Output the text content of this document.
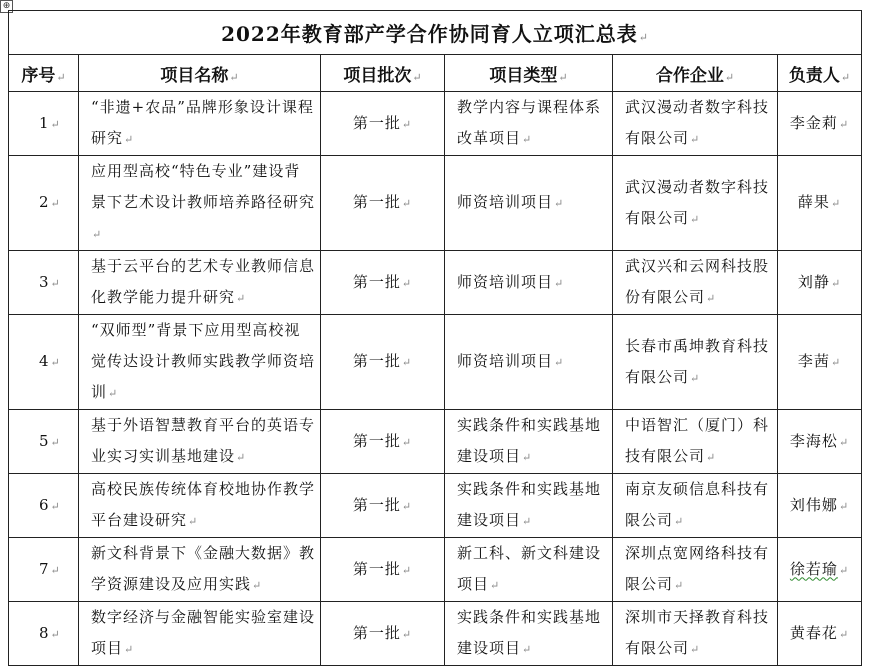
⊕
2022年教育部产学合作协同育人立项汇总表↵					
序号↵	项目名称↵	项目批次↵	项目类型↵	合作企业↵	负责人↵
1↵	“非遗+农品”品牌形象设计课程研究↵	第一批↵	教学内容与课程体系改革项目↵	武汉漫动者数字科技有限公司↵	李金莉↵
2↵	应用型高校“特色专业”建设背景下艺术设计教师培养路径研究↵	第一批↵	师资培训项目↵	武汉漫动者数字科技有限公司↵	薛果↵
3↵	基于云平台的艺术专业教师信息化教学能力提升研究↵	第一批↵	师资培训项目↵	武汉兴和云网科技股份有限公司↵	刘静↵
4↵	“双师型”背景下应用型高校视觉传达设计教师实践教学师资培训↵	第一批↵	师资培训项目↵	长春市禹坤教育科技有限公司↵	李茜↵
5↵	基于外语智慧教育平台的英语专业实习实训基地建设↵	第一批↵	实践条件和实践基地建设项目↵	中语智汇（厦门）科技有限公司↵	李海松↵
6↵	高校民族传统体育校地协作教学平台建设研究↵	第一批↵	实践条件和实践基地建设项目↵	南京友硕信息科技有限公司↵	刘伟娜↵
7↵	新文科背景下《金融大数据》教学资源建设及应用实践↵	第一批↵	新工科、新文科建设项目↵	深圳点宽网络科技有限公司↵	徐若瑜↵
8↵	数字经济与金融智能实验室建设项目↵	第一批↵	实践条件和实践基地建设项目↵	深圳市天择教育科技有限公司↵	黄春花↵
